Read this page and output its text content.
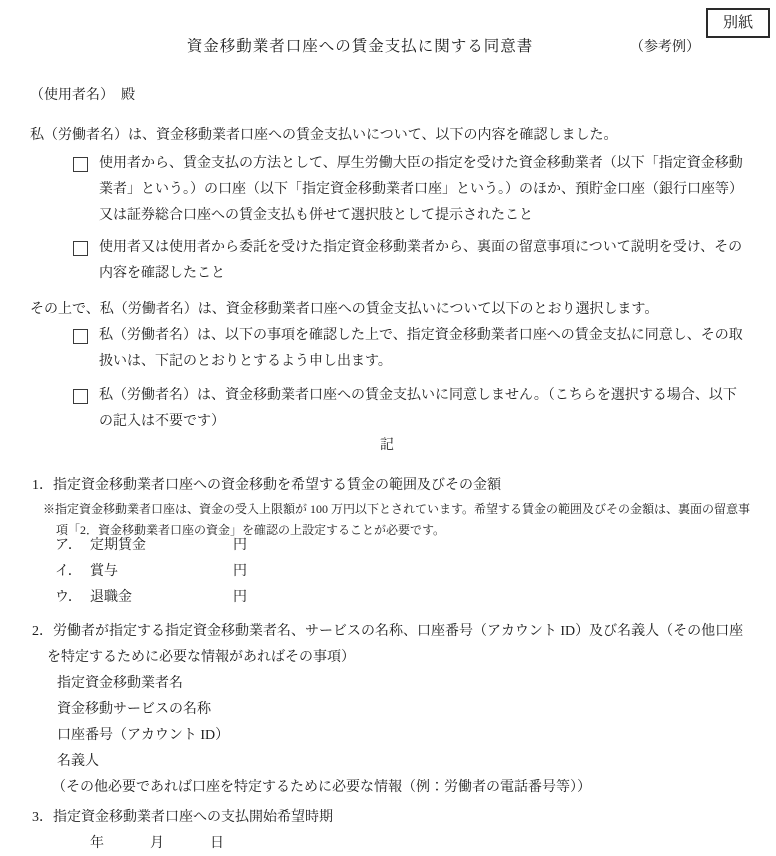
別紙
資金移動業者口座への賃金支払に関する同意書	（参考例）
（使用者名）　殿

私（労働者名）は、資金移動業者口座への賃金支払いについて、以下の内容を確認しました。

使用者から、賃金支払の方法として、厚生労働大臣の指定を受けた資金移動業者（以下「指定資金移動業者」という。）の口座（以下「指定資金移動業者口座」という。）のほか、預貯金口座（銀行口座等）又は証券総合口座への賃金支払も併せて選択肢として提示されたこと
使用者又は使用者から委託を受けた指定資金移動業者から、裏面の留意事項について説明を受け、その内容を確認したこと

その上で、私（労働者名）は、資金移動業者口座への賃金支払いについて以下のとおり選択します。

私（労働者名）は、以下の事項を確認した上で、指定資金移動業者口座への賃金支払に同意し、その取扱いは、下記のとおりとするよう申し出ます。
私（労働者名）は、資金移動業者口座への賃金支払いに同意しません。（こちらを選択する場合、以下の記入は不要です）
記
1．指定資金移動業者口座への資金移動を希望する賃金の範囲及びその金額
※指定資金移動業者口座は、資金の受入上限額が 100 万円以下とされています。希望する賃金の範囲及びその金額は、裏面の留意事項「2．資金移動業者口座の資金」を確認の上設定することが必要です。
ア． 定期賃金	円
イ． 賞与	円
ウ． 退職金	円
2．労働者が指定する指定資金移動業者名、サービスの名称、口座番号（アカウント ID）及び名義人（その他口座を特定するために必要な情報があればその事項）
指定資金移動業者名
資金移動サービスの名称
口座番号（アカウント ID）
名義人
（その他必要であれば口座を特定するために必要な情報（例：労働者の電話番号等））
3．指定資金移動業者口座への支払開始希望時期
年	月	日
